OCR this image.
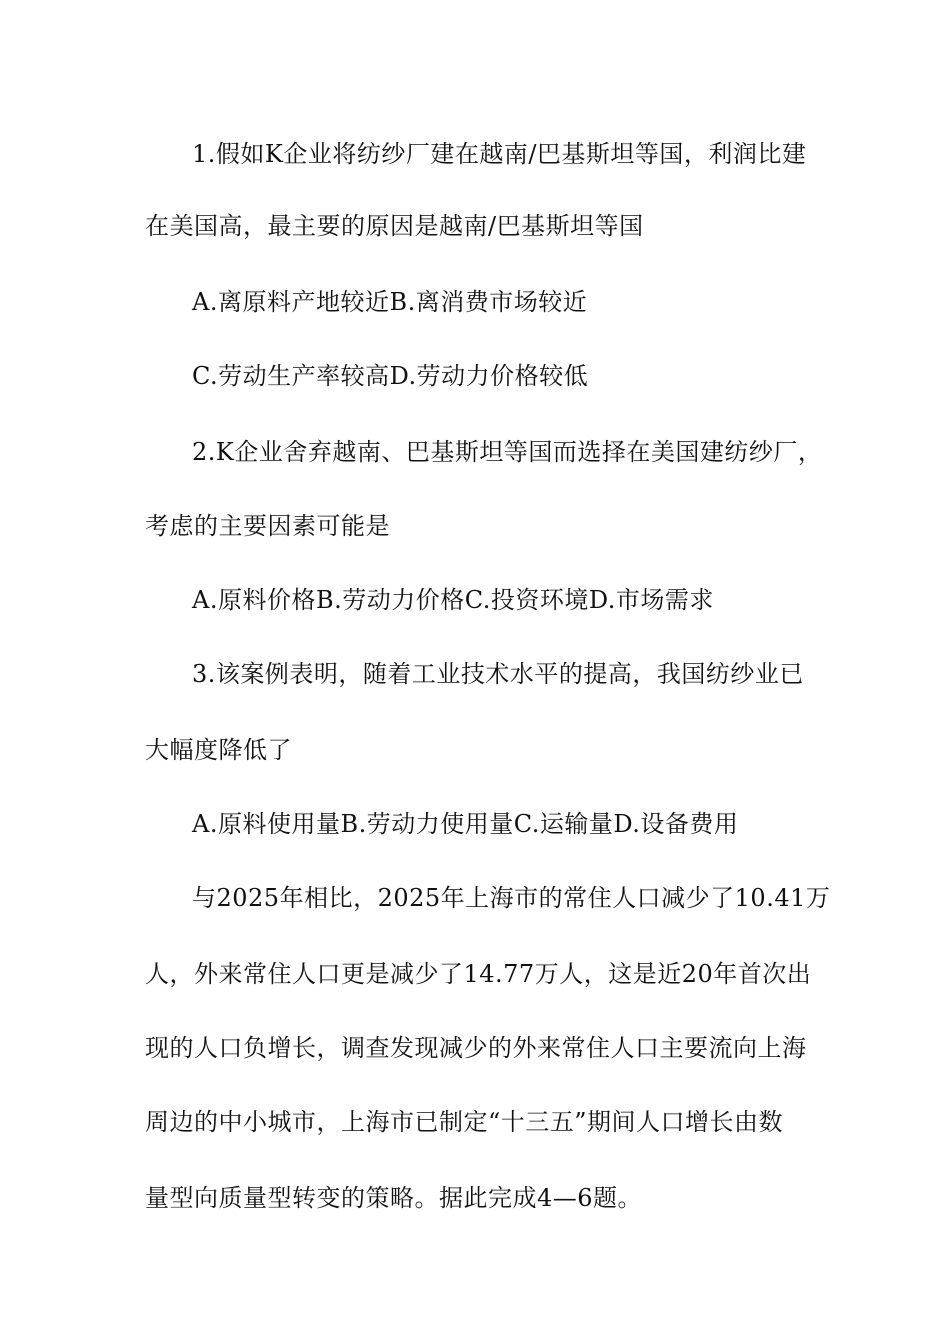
1.假如K企业将纺纱厂建在越南/巴基斯坦等国，利润比建
在美国高，最主要的原因是越南/巴基斯坦等国
A.离原料产地较近B.离消费市场较近
C.劳动生产率较高D.劳动力价格较低
2.K企业舍弃越南、巴基斯坦等国而选择在美国建纺纱厂，
考虑的主要因素可能是
A.原料价格B.劳动力价格C.投资环境D.市场需求
3.该案例表明，随着工业技术水平的提高，我国纺纱业已
大幅度降低了
A.原料使用量B.劳动力使用量C.运输量D.设备费用
与2025年相比，2025年上海市的常住人口减少了10.41万
人，外来常住人口更是减少了14.77万人，这是近20年首次出
现的人口负增长，调查发现减少的外来常住人口主要流向上海
周边的中小城市，上海市已制定“十三五”期间人口增长由数
量型向质量型转变的策略。据此完成4—6题。
